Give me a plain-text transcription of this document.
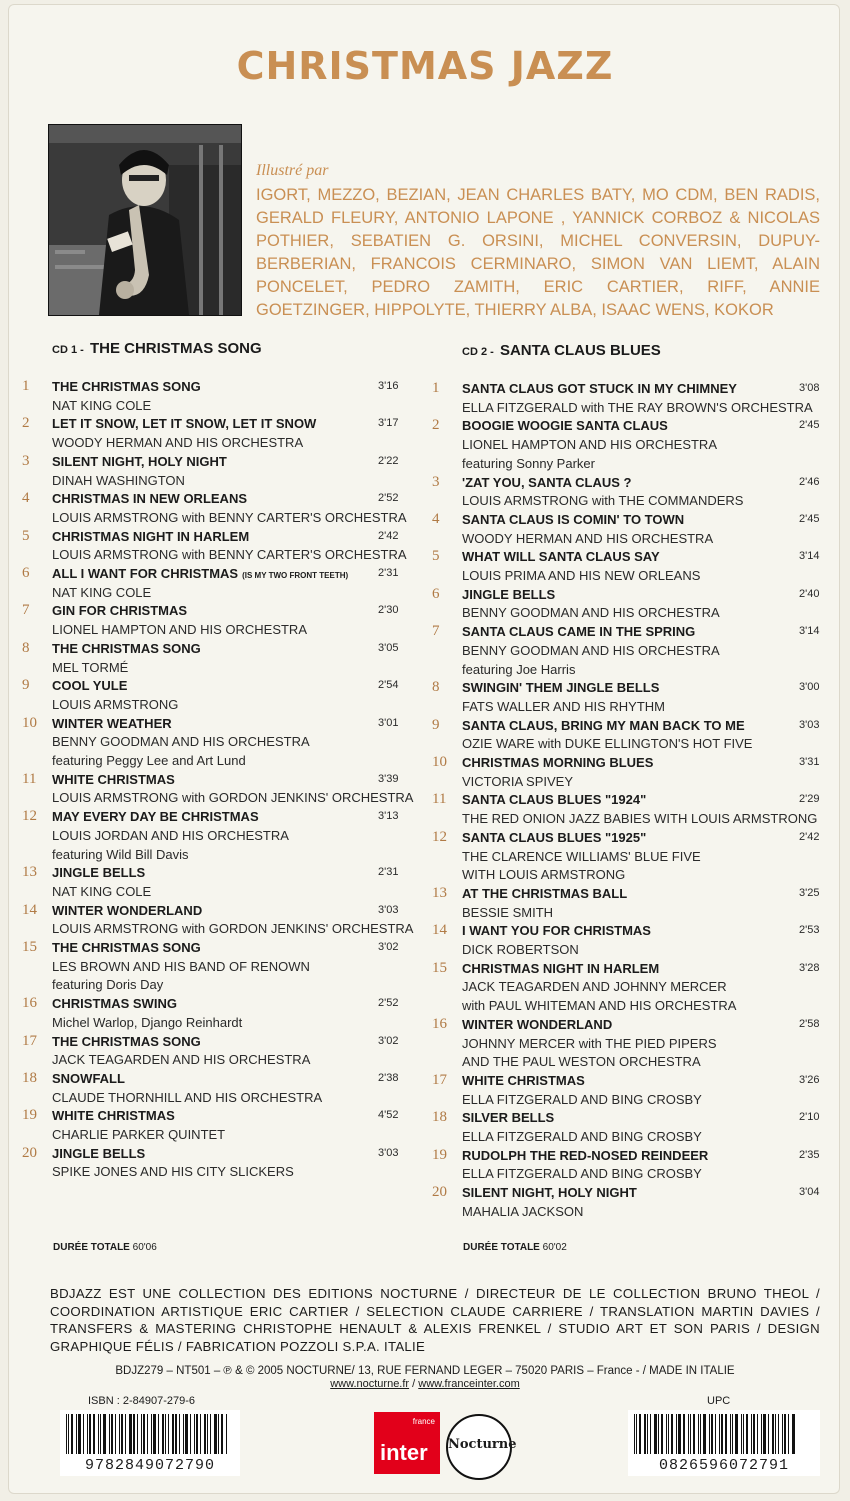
CHRISTMAS JAZZ
Illustré par
IGORT, MEZZO, BEZIAN, JEAN CHARLES BATY, MO CDM, BEN RADIS, GERALD FLEURY, ANTONIO LAPONE , YANNICK CORBOZ & NICOLAS POTHIER, SEBATIEN G. ORSINI, MICHEL CONVERSIN, DUPUY-BERBERIAN, FRANCOIS CERMINARO, SIMON VAN LIEMT, ALAIN PONCELET, PEDRO ZAMITH, ERIC CARTIER, RIFF, ANNIE GOETZINGER, HIPPOLYTE, THIERRY ALBA, ISAAC WENS, KOKOR
CD 1 - THE CHRISTMAS SONG	CD 2 - SANTA CLAUS BLUES
1 THE CHRISTMAS SONG	3'16
NAT KING COLE
2 LET IT SNOW, LET IT SNOW, LET IT SNOW	3'17
WOODY HERMAN AND HIS ORCHESTRA
3 SILENT NIGHT, HOLY NIGHT	2'22
DINAH WASHINGTON
4 CHRISTMAS IN NEW ORLEANS	2'52
LOUIS ARMSTRONG with BENNY CARTER'S ORCHESTRA
5 CHRISTMAS NIGHT IN HARLEM	2'42
LOUIS ARMSTRONG with BENNY CARTER'S ORCHESTRA
6 ALL I WANT FOR CHRISTMAS (IS MY TWO FRONT TEETH)	2'31
NAT KING COLE
7 GIN FOR CHRISTMAS	2'30
LIONEL HAMPTON AND HIS ORCHESTRA
8 THE CHRISTMAS SONG	3'05
MEL TORMÉ
9 COOL YULE	2'54
LOUIS ARMSTRONG
10 WINTER WEATHER	3'01
BENNY GOODMAN AND HIS ORCHESTRA
featuring Peggy Lee and Art Lund
11 WHITE CHRISTMAS	3'39
LOUIS ARMSTRONG with GORDON JENKINS' ORCHESTRA
12 MAY EVERY DAY BE CHRISTMAS	3'13
LOUIS JORDAN AND HIS ORCHESTRA
featuring Wild Bill Davis
13 JINGLE BELLS	2'31
NAT KING COLE
14 WINTER WONDERLAND	3'03
LOUIS ARMSTRONG with GORDON JENKINS' ORCHESTRA
15 THE CHRISTMAS SONG	3'02
LES BROWN AND HIS BAND OF RENOWN
featuring Doris Day
16 CHRISTMAS SWING	2'52
Michel Warlop, Django Reinhardt
17 THE CHRISTMAS SONG	3'02
JACK TEAGARDEN AND HIS ORCHESTRA
18 SNOWFALL	2'38
CLAUDE THORNHILL AND HIS ORCHESTRA
19 WHITE CHRISTMAS	4'52
CHARLIE PARKER QUINTET
20 JINGLE BELLS	3'03
SPIKE JONES AND HIS CITY SLICKERS
1 SANTA CLAUS GOT STUCK IN MY CHIMNEY	3'08
ELLA FITZGERALD with THE RAY BROWN'S ORCHESTRA
2 BOOGIE WOOGIE SANTA CLAUS	2'45
LIONEL HAMPTON AND HIS ORCHESTRA
featuring Sonny Parker
3 'ZAT YOU, SANTA CLAUS ?	2'46
LOUIS ARMSTRONG with THE COMMANDERS
4 SANTA CLAUS IS COMIN' TO TOWN	2'45
WOODY HERMAN AND HIS ORCHESTRA
5 WHAT WILL SANTA CLAUS SAY	3'14
LOUIS PRIMA AND HIS NEW ORLEANS
6 JINGLE BELLS	2'40
BENNY GOODMAN AND HIS ORCHESTRA
7 SANTA CLAUS CAME IN THE SPRING	3'14
BENNY GOODMAN AND HIS ORCHESTRA
featuring Joe Harris
8 SWINGIN' THEM JINGLE BELLS	3'00
FATS WALLER AND HIS RHYTHM
9 SANTA CLAUS, BRING MY MAN BACK TO ME	3'03
OZIE WARE with DUKE ELLINGTON'S HOT FIVE
10 CHRISTMAS MORNING BLUES	3'31
VICTORIA SPIVEY
11 SANTA CLAUS BLUES "1924"	2'29
THE RED ONION JAZZ BABIES WITH LOUIS ARMSTRONG
12 SANTA CLAUS BLUES "1925"	2'42
THE CLARENCE WILLIAMS' BLUE FIVE
WITH LOUIS ARMSTRONG
13 AT THE CHRISTMAS BALL	3'25
BESSIE SMITH
14 I WANT YOU FOR CHRISTMAS	2'53
DICK ROBERTSON
15 CHRISTMAS NIGHT IN HARLEM	3'28
JACK TEAGARDEN AND JOHNNY MERCER
with PAUL WHITEMAN AND HIS ORCHESTRA
16 WINTER WONDERLAND	2'58
JOHNNY MERCER with THE PIED PIPERS
AND THE PAUL WESTON ORCHESTRA
17 WHITE CHRISTMAS	3'26
ELLA FITZGERALD AND BING CROSBY
18 SILVER BELLS	2'10
ELLA FITZGERALD AND BING CROSBY
19 RUDOLPH THE RED-NOSED REINDEER	2'35
ELLA FITZGERALD AND BING CROSBY
20 SILENT NIGHT, HOLY NIGHT	3'04
MAHALIA JACKSON
DURÉE TOTALE 60'06	DURÉE TOTALE 60'02
BDJAZZ EST UNE COLLECTION DES EDITIONS NOCTURNE / DIRECTEUR DE LE COLLECTION BRUNO THEOL / COORDINATION ARTISTIQUE ERIC CARTIER / SELECTION CLAUDE CARRIERE / TRANSLATION MARTIN DAVIES / TRANSFERS & MASTERING CHRISTOPHE HENAULT & ALEXIS FRENKEL / STUDIO ART ET SON PARIS / DESIGN GRAPHIQUE FÉLIS / FABRICATION POZZOLI S.P.A. ITALIE
BDJZ279 – NT501 – ℗ & © 2005 NOCTURNE/ 13, RUE FERNAND LEGER – 75020 PARIS – France - / MADE IN ITALIE
www.nocturne.fr / www.franceinter.com
ISBN : 2-84907-279-6	UPC
9782849072790
france
inter Nocturne
0826596072791
